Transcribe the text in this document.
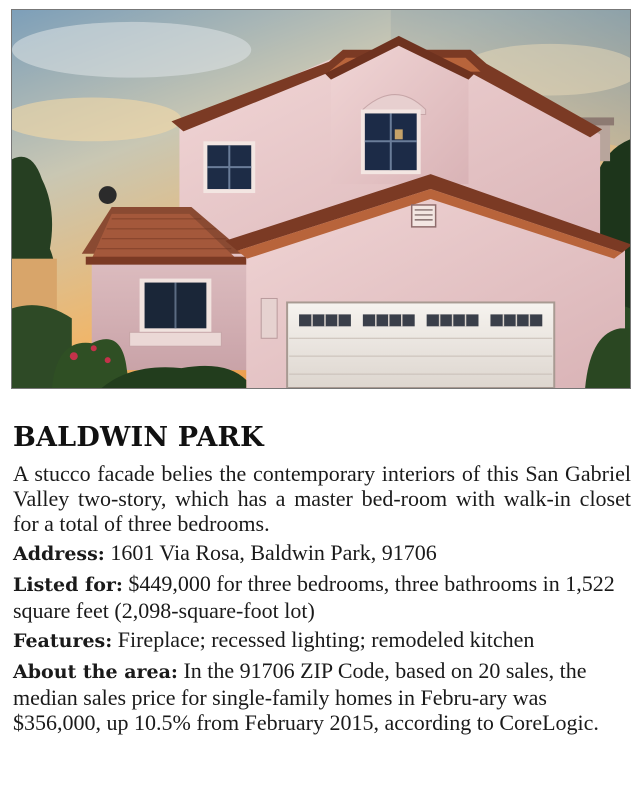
BALDWIN PARK

A stucco facade belies the contemporary interiors of this San Gabriel Valley two-story, which has a master bed-room with walk-in closet for a total of three bedrooms.

Address: 1601 Via Rosa, Baldwin Park, 91706

Listed for: $449,000 for three bedrooms, three bathrooms in 1,522 square feet (2,098-square-foot lot)

Features: Fireplace; recessed lighting; remodeled kitchen

About the area: In the 91706 ZIP Code, based on 20 sales, the median sales price for single-family homes in Febru-ary was $356,000, up 10.5% from February 2015, according to CoreLogic.
